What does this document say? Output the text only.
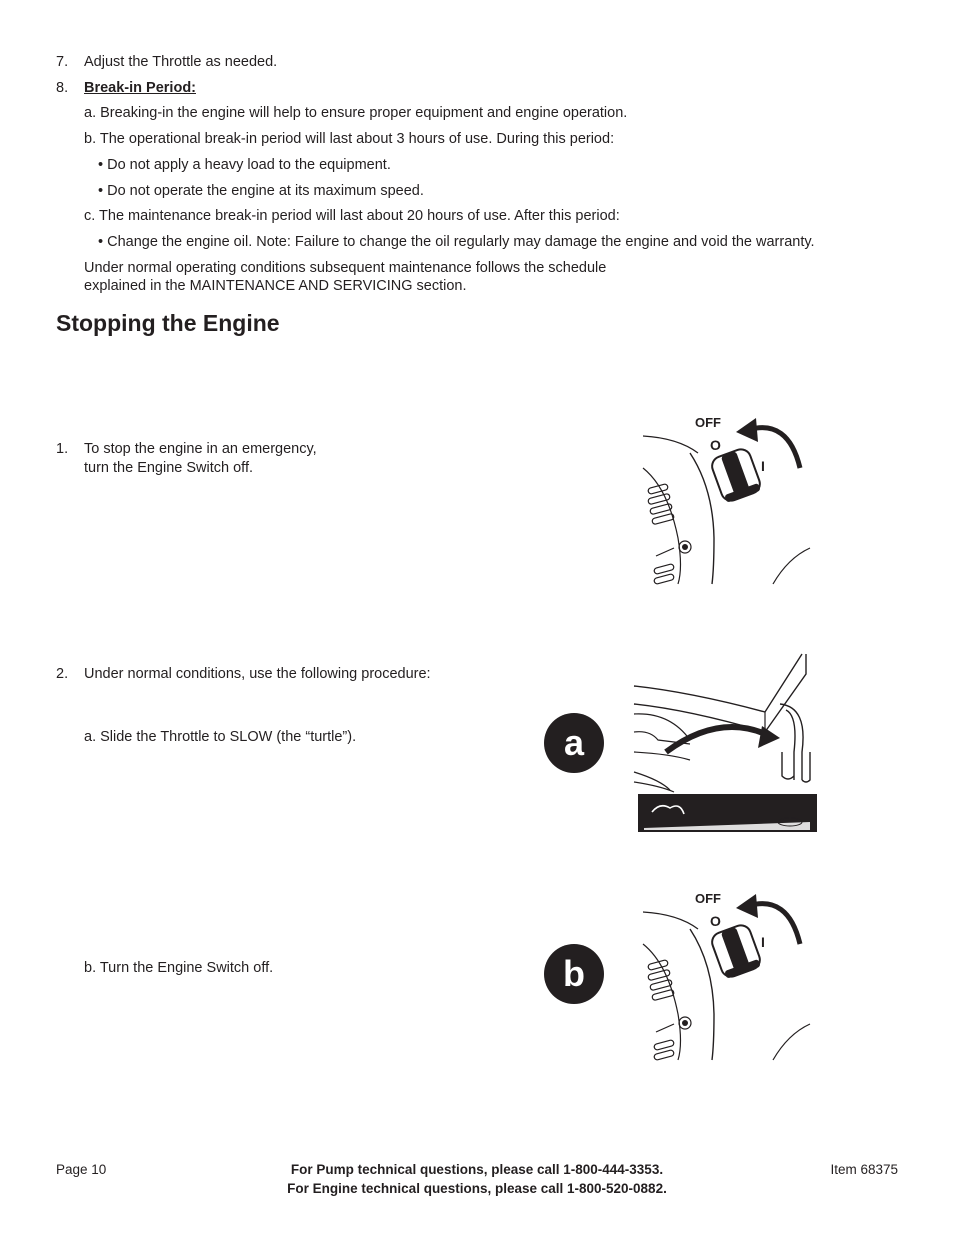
7. Adjust the Throttle as needed.
8. Break-in Period:
a. Breaking-in the engine will help to ensure proper equipment and engine operation.
b. The operational break-in period will last about 3 hours of use. During this period:
• Do not apply a heavy load to the equipment.
• Do not operate the engine at its maximum speed.
c. The maintenance break-in period will last about 20 hours of use. After this period:
• Change the engine oil. Note: Failure to change the oil regularly may damage the engine and void the warranty.
Under normal operating conditions subsequent maintenance follows the schedule
explained in the MAINTENANCE AND SERVICING section.
Stopping the Engine
1. To stop the engine in an emergency,
turn the Engine Switch off.
OFF
O
I
2. Under normal conditions, use the following procedure:
a. Slide the Throttle to SLOW (the “turtle”).	a
b. Turn the Engine Switch off.	b
OFF
O
I
Page 10	For Pump technical questions, please call 1-800-444-3353.
For Engine technical questions, please call 1-800-520-0882.
Item 68375
